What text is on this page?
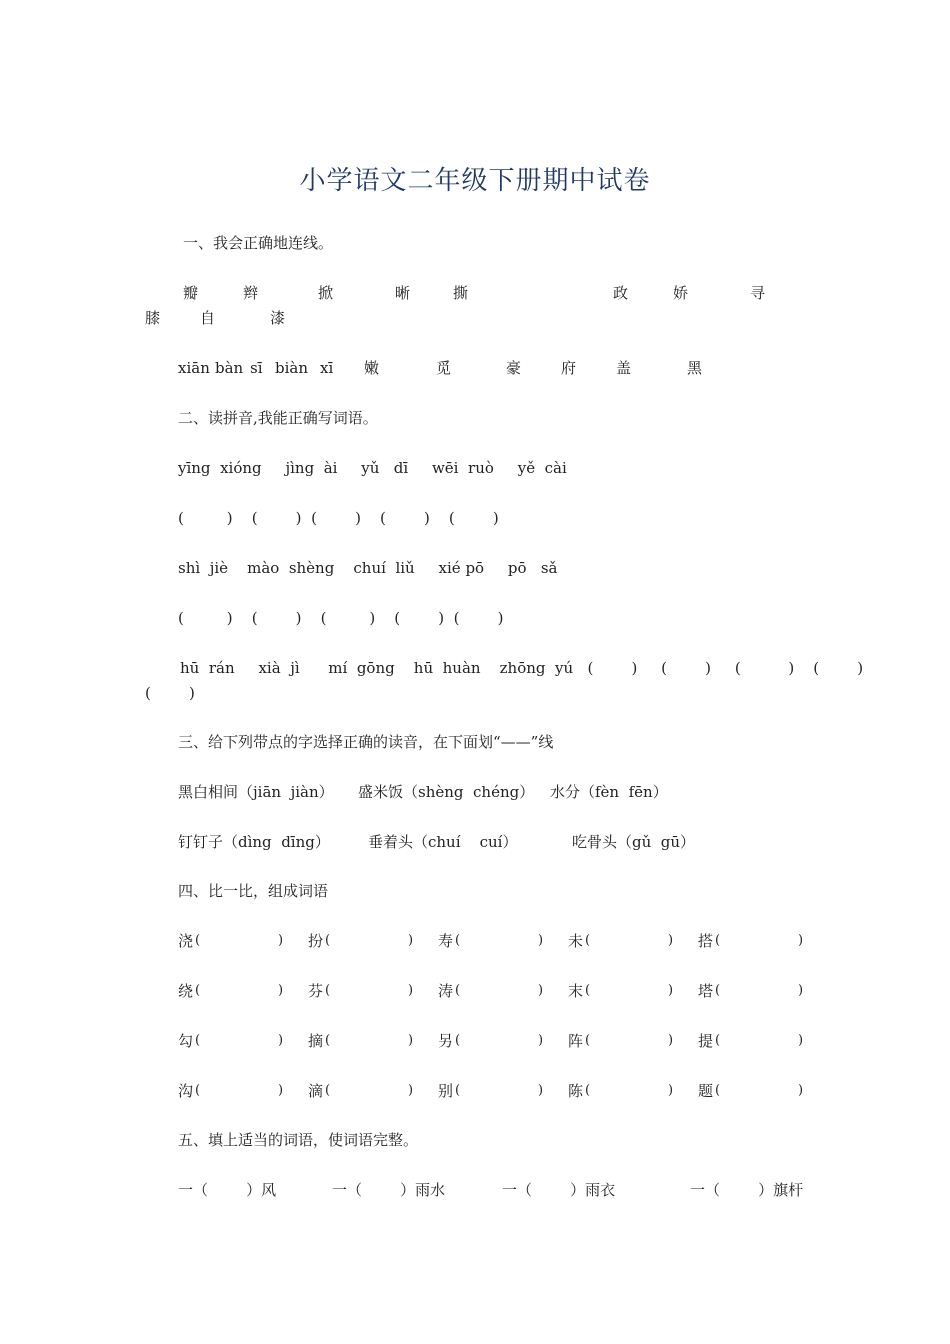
小学语文二年级下册期中试卷
一、我会正确地连线。
瓣	辫	掀	晰	撕	政	娇	寻
膝	自	漆
xiān bàn sī biàn xī 嫩	觅	豪	府	盖	黑
二、读拼音,我能正确写词语。
yīng  xióng     jìng  ài     yǔ   dī     wēi  ruò     yě  cài
(         )    (        )  (        )    (        )    (        )
shì  jiè    mào  shèng    chuí  liǔ     xié pō     pō   sǎ
(         )    (        )    (         )    (        )  (        )
hū  rán     xià  jì      mí  gōng    hū  huàn    zhōng  yú   (        )     (        )     (          )    (        )
(        )
三、给下列带点的字选择正确的读音，在下面划“——”线
黑白相间（jiān  jiàn） 盛米饭（shèng  chéng） 水分（fèn  fēn）
钉钉子（dìng  dīng）	垂着头（chuí    cuí）	吃骨头（gǔ  gū）
四、比一比，组成词语
浇 (	) 扮 (	) 寿 (	) 未 (	) 搭 (	)
绕 (	) 芬 (	) 涛 (	) 末 (	) 塔 (	)
勾 (	) 摘 (	) 另 (	) 阵 (	) 提 (	)
沟 (	) 滴 (	) 别 (	) 陈 (	) 题 (	)
五、填上适当的词语，使词语完整。
一（        ）风	一（        ）雨水	一（        ）雨衣	一（        ）旗杆
